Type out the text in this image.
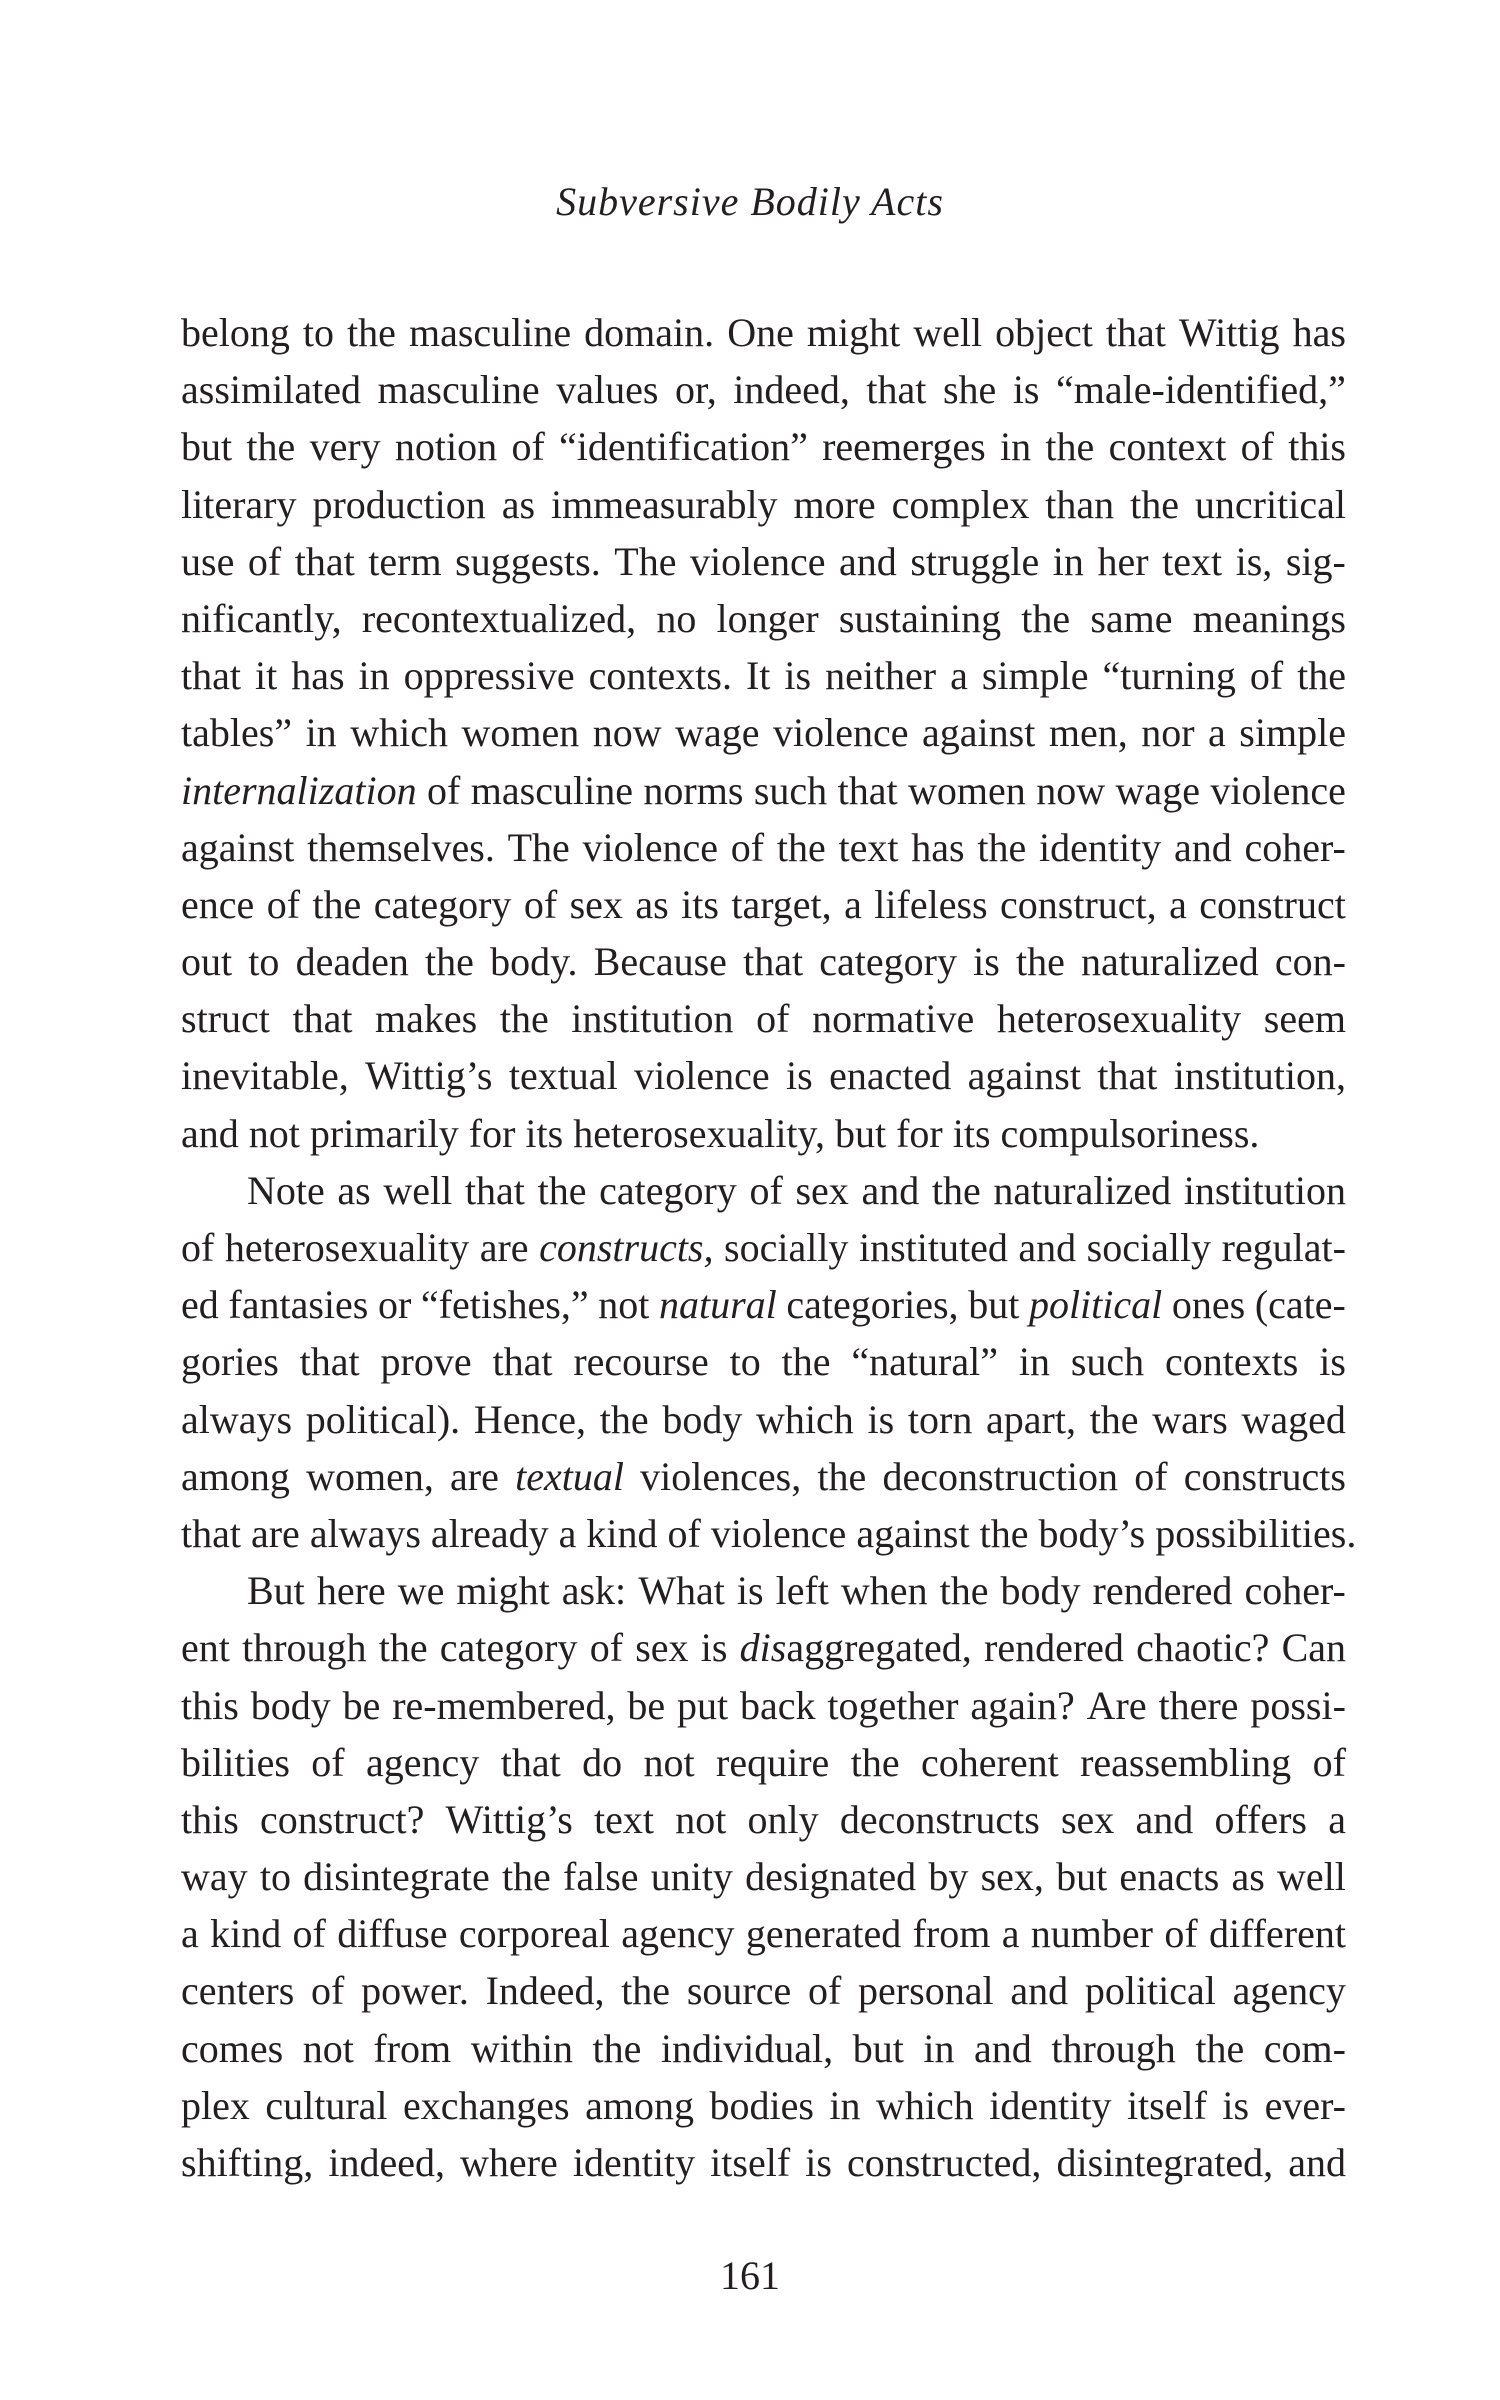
Subversive Bodily Acts
belong to the masculine domain. One might well object that Wittig has
assimilated masculine values or, indeed, that she is “male-identified,”
but the very notion of “identification” reemerges in the context of this
literary production as immeasurably more complex than the uncritical
use of that term suggests. The violence and struggle in her text is, sig-
nificantly, recontextualized, no longer sustaining the same meanings
that it has in oppressive contexts. It is neither a simple “turning of the
tables” in which women now wage violence against men, nor a simple
internalization of masculine norms such that women now wage violence
against themselves. The violence of the text has the identity and coher-
ence of the category of sex as its target, a lifeless construct, a construct
out to deaden the body. Because that category is the naturalized con-
struct that makes the institution of normative heterosexuality seem
inevitable, Wittig’s textual violence is enacted against that institution,
and not primarily for its heterosexuality, but for its compulsoriness.
Note as well that the category of sex and the naturalized institution
of heterosexuality are constructs, socially instituted and socially regulat-
ed fantasies or “fetishes,” not natural categories, but political ones (cate-
gories that prove that recourse to the “natural” in such contexts is
always political). Hence, the body which is torn apart, the wars waged
among women, are textual violences, the deconstruction of constructs
that are always already a kind of violence against the body’s possibilities.
But here we might ask: What is left when the body rendered coher-
ent through the category of sex is disaggregated, rendered chaotic? Can
this body be re-membered, be put back together again? Are there possi-
bilities of agency that do not require the coherent reassembling of
this construct? Wittig’s text not only deconstructs sex and offers a
way to disintegrate the false unity designated by sex, but enacts as well
a kind of diffuse corporeal agency generated from a number of different
centers of power. Indeed, the source of personal and political agency
comes not from within the individual, but in and through the com-
plex cultural exchanges among bodies in which identity itself is ever-
shifting, indeed, where identity itself is constructed, disintegrated, and
161
